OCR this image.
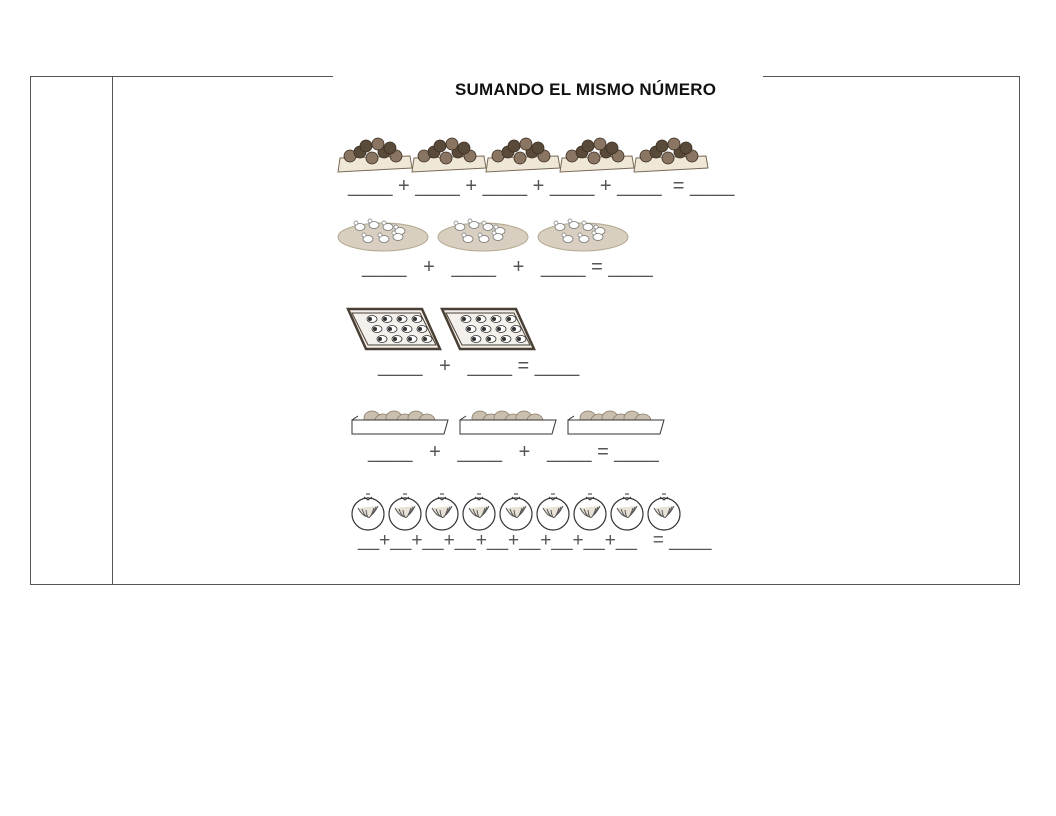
SUMANDO EL MISMO NÚMERO
____ + ____ + ____ + ____ + ____  = ____
____   +   ____   +   ____ = ____
____   +   ____ = ____
____   +   ____   +   ____ = ____
__+__+__+__+__+__+__+__+__   = ____
